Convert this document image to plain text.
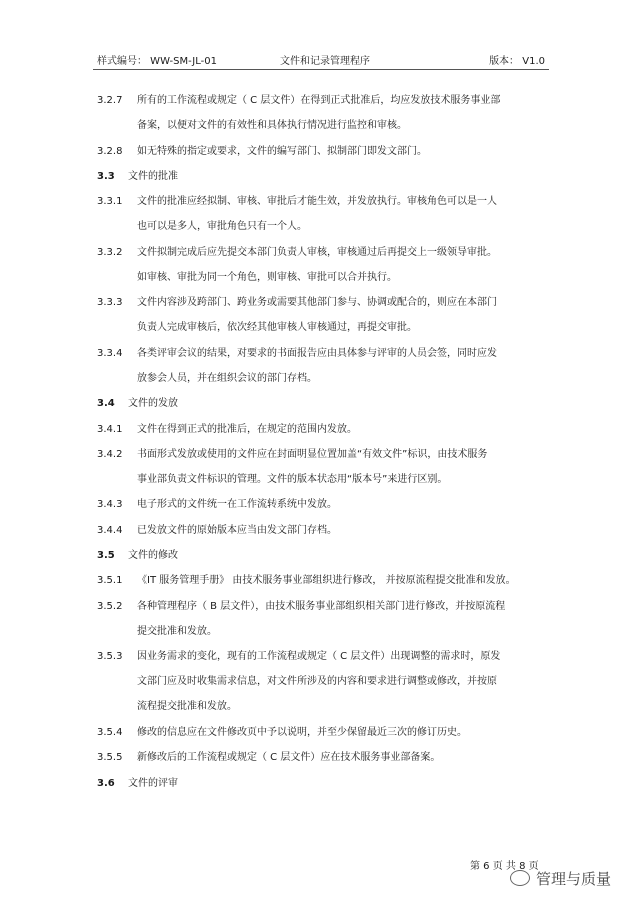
样式编号： WW-SM-JL-01	文件和记录管理程序	版本： V1.0
3.2.7 所有的工作流程或规定（ C 层文件）在得到正式批准后，均应发放技术服务事业部
备案，以便对文件的有效性和具体执行情况进行监控和审核。
3.2.8 如无特殊的指定或要求，文件的编写部门、拟制部门即发文部门。
3.3 文件的批准
3.3.1 文件的批准应经拟制、审核、审批后才能生效，并发放执行。审核角色可以是一人
也可以是多人，审批角色只有一个人。
3.3.2 文件拟制完成后应先提交本部门负责人审核，审核通过后再提交上一级领导审批。
如审核、审批为同一个角色，则审核、审批可以合并执行。
3.3.3 文件内容涉及跨部门、跨业务或需要其他部门参与、协调或配合的，则应在本部门
负责人完成审核后，依次经其他审核人审核通过，再提交审批。
3.3.4 各类评审会议的结果，对要求的书面报告应由具体参与评审的人员会签，同时应发
放参会人员，并在组织会议的部门存档。
3.4 文件的发放
3.4.1 文件在得到正式的批准后，在规定的范围内发放。
3.4.2 书面形式发放或使用的文件应在封面明显位置加盖“有效文件”标识，由技术服务
事业部负责文件标识的管理。文件的版本状态用“版本号”来进行区别。
3.4.3 电子形式的文件统一在工作流转系统中发放。
3.4.4 已发放文件的原始版本应当由发文部门存档。
3.5 文件的修改
3.5.1 《IT 服务管理手册》 由技术服务事业部组织进行修改， 并按原流程提交批准和发放。
3.5.2 各种管理程序（ B 层文件），由技术服务事业部组织相关部门进行修改，并按原流程
提交批准和发放。
3.5.3 因业务需求的变化，现有的工作流程或规定（ C 层文件）出现调整的需求时，原发
文部门应及时收集需求信息，对文件所涉及的内容和要求进行调整或修改，并按原
流程提交批准和发放。
3.5.4 修改的信息应在文件修改页中予以说明，并至少保留最近三次的修订历史。
3.5.5 新修改后的工作流程或规定（ C 层文件）应在技术服务事业部备案。
3.6 文件的评审
第 6 页 共 8 页
管理与质量
